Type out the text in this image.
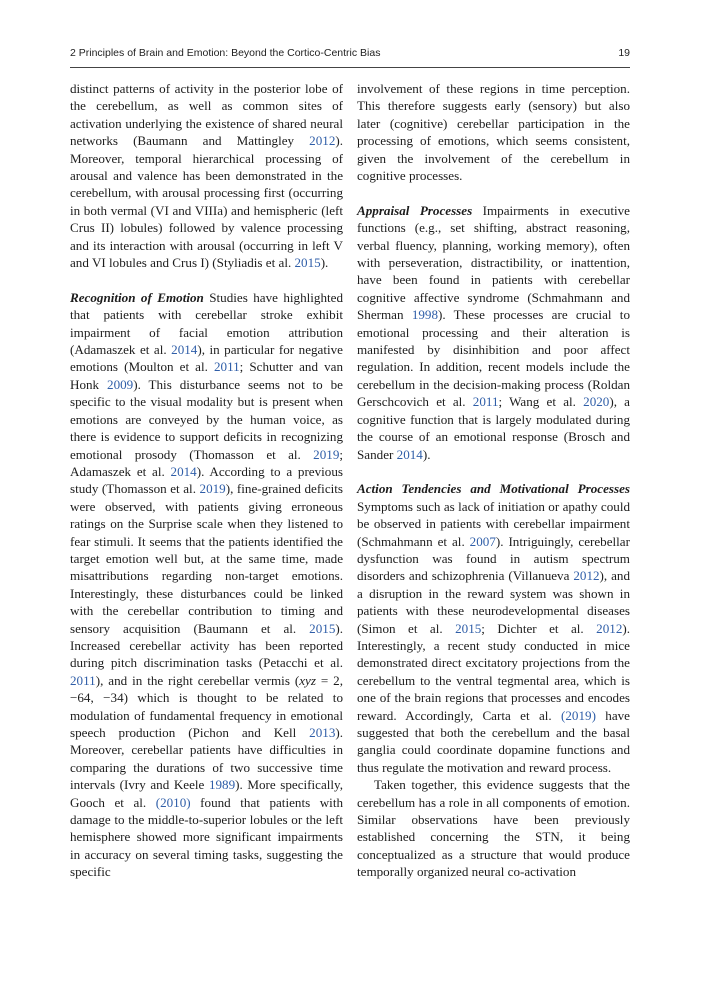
2 Principles of Brain and Emotion: Beyond the Cortico-Centric Bias	19

distinct patterns of activity in the posterior lobe of the cerebellum, as well as common sites of activation underlying the existence of shared neural networks (Baumann and Mattingley 2012). Moreover, temporal hierarchical processing of arousal and valence has been demonstrated in the cerebellum, with arousal processing first (occurring in both vermal (VI and VIIIa) and hemispheric (left Crus II) lobules) followed by valence processing and its interaction with arousal (occurring in left V and VI lobules and Crus I) (Styliadis et al. 2015).

Recognition of Emotion Studies have highlighted that patients with cerebellar stroke exhibit impairment of facial emotion attribution (Adamaszek et al. 2014), in particular for negative emotions (Moulton et al. 2011; Schutter and van Honk 2009). This disturbance seems not to be specific to the visual modality but is present when emotions are conveyed by the human voice, as there is evidence to support deficits in recognizing emotional prosody (Thomasson et al. 2019; Adamaszek et al. 2014). According to a previous study (Thomasson et al. 2019), fine-grained deficits were observed, with patients giving erroneous ratings on the Surprise scale when they listened to fear stimuli. It seems that the patients identified the target emotion well but, at the same time, made misattributions regarding non-target emotions. Interestingly, these disturbances could be linked with the cerebellar contribution to timing and sensory acquisition (Baumann et al. 2015). Increased cerebellar activity has been reported during pitch discrimination tasks (Petacchi et al. 2011), and in the right cerebellar vermis (xyz = 2, −64, −34) which is thought to be related to modulation of fundamental frequency in emotional speech production (Pichon and Kell 2013). Moreover, cerebellar patients have difficulties in comparing the durations of two successive time intervals (Ivry and Keele 1989). More specifically, Gooch et al. (2010) found that patients with damage to the middle-to-superior lobules or the left hemisphere showed more significant impairments in accuracy on several timing tasks, suggesting the specific

involvement of these regions in time perception. This therefore suggests early (sensory) but also later (cognitive) cerebellar participation in the processing of emotions, which seems consistent, given the involvement of the cerebellum in cognitive processes.

Appraisal Processes Impairments in executive functions (e.g., set shifting, abstract reasoning, verbal fluency, planning, working memory), often with perseveration, distractibility, or inattention, have been found in patients with cerebellar cognitive affective syndrome (Schmahmann and Sherman 1998). These processes are crucial to emotional processing and their alteration is manifested by disinhibition and poor affect regulation. In addition, recent models include the cerebellum in the decision-making process (Roldan Gerschcovich et al. 2011; Wang et al. 2020), a cognitive function that is largely modulated during the course of an emotional response (Brosch and Sander 2014).

Action Tendencies and Motivational Processes Symptoms such as lack of initiation or apathy could be observed in patients with cerebellar impairment (Schmahmann et al. 2007). Intriguingly, cerebellar dysfunction was found in autism spectrum disorders and schizophrenia (Villanueva 2012), and a disruption in the reward system was shown in patients with these neurodevelopmental diseases (Simon et al. 2015; Dichter et al. 2012). Interestingly, a recent study conducted in mice demonstrated direct excitatory projections from the cerebellum to the ventral tegmental area, which is one of the brain regions that processes and encodes reward. Accordingly, Carta et al. (2019) have suggested that both the cerebellum and the basal ganglia could coordinate dopamine functions and thus regulate the motivation and reward process.

Taken together, this evidence suggests that the cerebellum has a role in all components of emotion. Similar observations have been previously established concerning the STN, it being conceptualized as a structure that would produce temporally organized neural co-activation
